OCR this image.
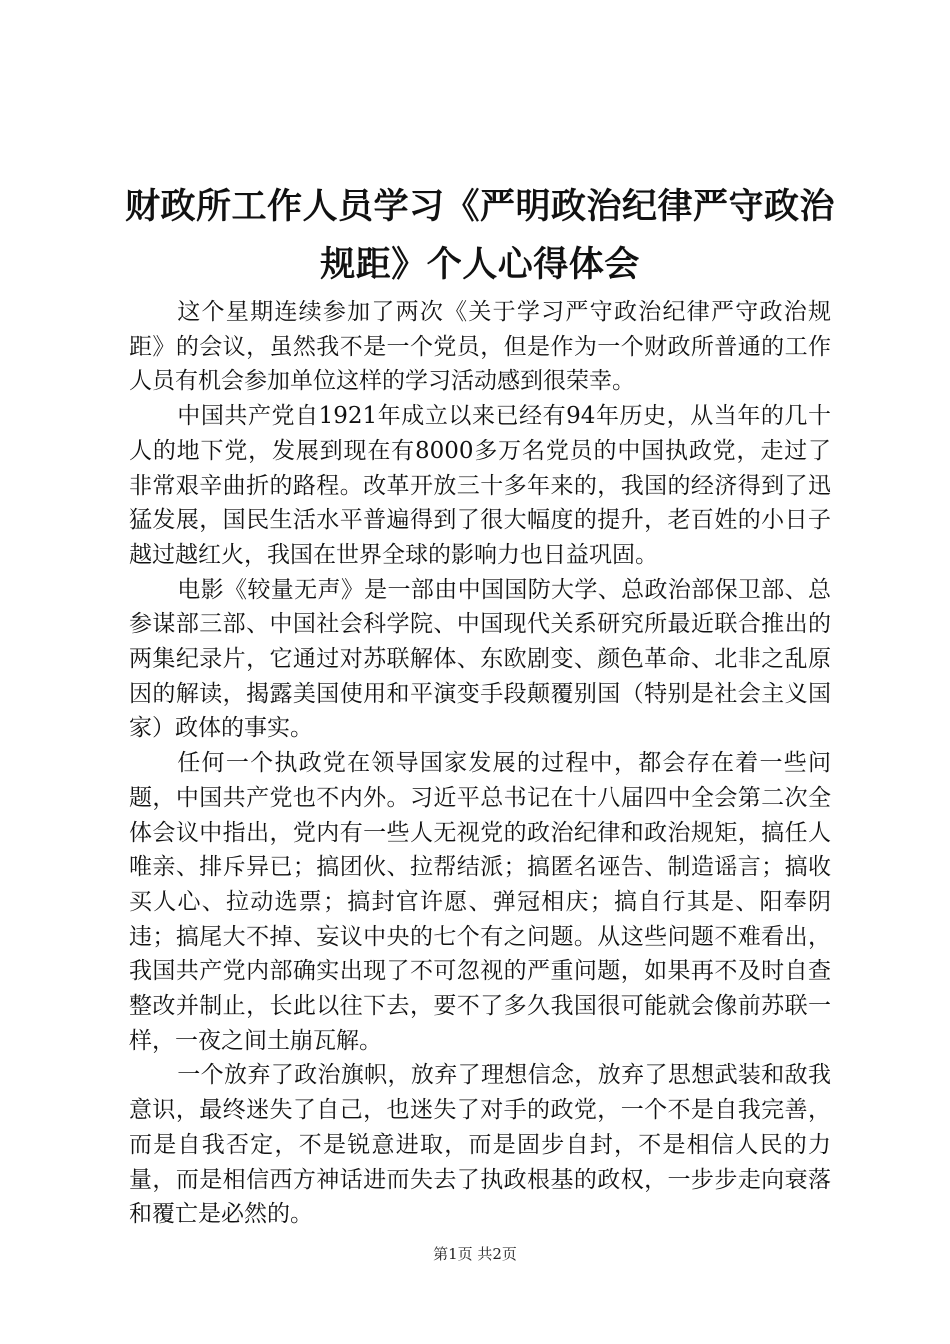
财政所工作人员学习《严明政治纪律严守政治规距》个人心得体会

这个星期连续参加了两次《关于学习严守政治纪律严守政治规距》的会议，虽然我不是一个党员，但是作为一个财政所普通的工作人员有机会参加单位这样的学习活动感到很荣幸。

中国共产党自1921年成立以来已经有94年历史，从当年的几十人的地下党，发展到现在有8000多万名党员的中国执政党，走过了非常艰辛曲折的路程。改革开放三十多年来的，我国的经济得到了迅猛发展，国民生活水平普遍得到了很大幅度的提升，老百姓的小日子越过越红火，我国在世界全球的影响力也日益巩固。

电影《较量无声》是一部由中国国防大学、总政治部保卫部、总参谋部三部、中国社会科学院、中国现代关系研究所最近联合推出的两集纪录片，它通过对苏联解体、东欧剧变、颜色革命、北非之乱原因的解读，揭露美国使用和平演变手段颠覆别国（特别是社会主义国家）政体的事实。

任何一个执政党在领导国家发展的过程中，都会存在着一些问题，中国共产党也不内外。习近平总书记在十八届四中全会第二次全体会议中指出，党内有一些人无视党的政治纪律和政治规矩，搞任人唯亲、排斥异已；搞团伙、拉帮结派；搞匿名诬告、制造谣言；搞收买人心、拉动选票；搞封官许愿、弹冠相庆；搞自行其是、阳奉阴违；搞尾大不掉、妄议中央的七个有之问题。从这些问题不难看出，我国共产党内部确实出现了不可忽视的严重问题，如果再不及时自查整改并制止，长此以往下去，要不了多久我国很可能就会像前苏联一样，一夜之间土崩瓦解。

一个放弃了政治旗帜，放弃了理想信念，放弃了思想武装和敌我意识，最终迷失了自己，也迷失了对手的政党，一个不是自我完善，而是自我否定，不是锐意进取，而是固步自封，不是相信人民的力量，而是相信西方神话进而失去了执政根基的政权，一步步走向衰落和覆亡是必然的。

第1页 共2页
